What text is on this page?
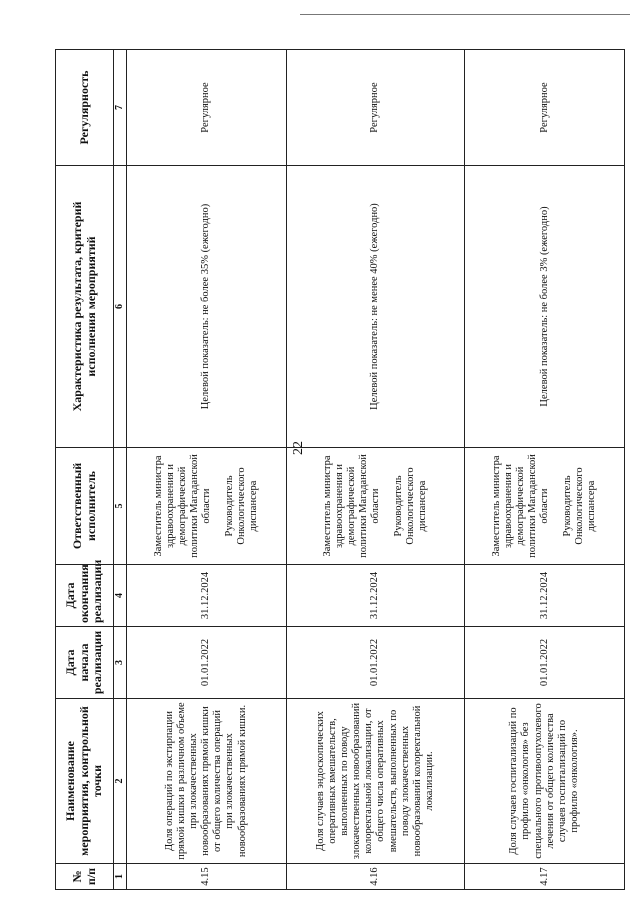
22
№ п/п	Наименование мероприятия, контрольной точки	Дата начала реализации	Дата окончания реализации	Ответственный исполнитель	Характеристика результата, критерий исполнения мероприятий	Регулярность
1	2	3	4	5	6	7
4.15	Доля операций по экстирпации прямой кишки в различном объеме при злокачественных новообразованиях прямой кишки от общего количества операций при злокачественных новообразованиях прямой кишки.	01.01.2022	31.12.2024	Заместитель министра здравоохранения и демографической политики Магаданской области Руководитель Онкологического диспансера	Целевой показатель: не более 35% (ежегодно)	Регулярное
4.16	Доля случаев эндоскопических оперативных вмешательств, выполненных по поводу злокачественных новообразований колоректальной локализации, от общего числа оперативных вмешательств, выполненных по поводу злокачественных новообразований колоректальной локализации.	01.01.2022	31.12.2024	Заместитель министра здравоохранения и демографической политики Магаданской области Руководитель Онкологического диспансера	Целевой показатель: не менее 40% (ежегодно)	Регулярное
4.17	Доля случаев госпитализаций по профилю «онкология» без специального противоопухолевого лечения от общего количества случаев госпитализаций по профилю «онкология».	01.01.2022	31.12.2024	Заместитель министра здравоохранения и демографической политики Магаданской области Руководитель Онкологического диспансера	Целевой показатель: не более 3% (ежегодно)	Регулярное
